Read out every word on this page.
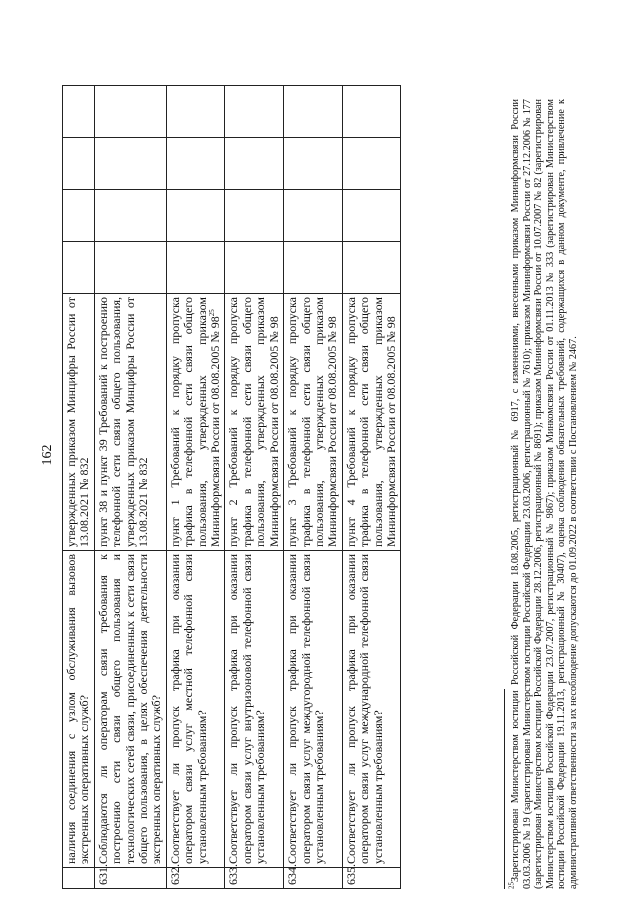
162
	наличия соединения с узлом обслуживания вызовов экстренных оперативных служб?	утвержденных приказом Минцифры России от 13.08.2021 № 832				
631.	Соблюдаются ли операторам связи требования к построению сети связи общего пользования и технологических сетей связи, присоединенных к сети связи общего пользования, в целях обеспечения деятельности экстренных оперативных служб?	пункт 38 и пункт 39 Требований к построению телефонной сети связи общего пользования, утвержденных приказом Минцифры России от 13.08.2021 № 832				
632.	Соответствует ли пропуск трафика при оказании оператором связи услуг местной телефонной связи установленным требованиям?	пункт 1 Требований к порядку пропуска трафика в телефонной сети связи общего пользования, утвержденных приказом Мининформсвязи России от 08.08.2005 № $98^{25}$				
633.	Соответствует ли пропуск трафика при оказании оператором связи услуг внутризоновой телефонной связи установленным требованиям?	пункт 2 Требований к порядку пропуска трафика в телефонной сети связи общего пользования, утвержденных приказом Мининформсвязи России от 08.08.2005 № 98				
634.	Соответствует ли пропуск трафика при оказании оператором связи услуг междугородной телефонной связи установленным требованиям?	пункт 3 Требований к порядку пропуска трафика в телефонной сети связи общего пользования, утвержденных приказом Мининформсвязи России от 08.08.2005 № 98				
635.	Соответствует ли пропуск трафика при оказании оператором связи услуг международной телефонной связи установленным требованиям?	пункт 4 Требований к порядку пропуска трафика в телефонной сети связи общего пользования, утвержденных приказом Мининформсвязи России от 08.08.2005 № 98				
$^{25}$Зарегистрирован Министерством юстиции Российской Федерации 18.08.2005, регистрационный № 6917, с изменениями, внесенными приказом Мининформсвязи России 03.03.2006 № 19 (зарегистрирован Министерством юстиции Российской Федерации 23.03.2006, регистрационный № 7610); приказом Мининформсвязи России от 27.12.2006 № 177 (зарегистрирован Министерством юстиции Российской Федерации 28.12.2006, регистрационный № 8691); приказом Мининформсвязи России от 10.07.2007 № 82 (зарегистрирован Министерством юстиции Российской Федерации 23.07.2007, регистрационный № 9867); приказом Минкомсвязи России от 01.11.2013 № 333 (зарегистрирован Министерством юстиции Российской Федерации 19.11.2013, регистрационный № 30407), оценка соблюдения обязательных требований, содержащихся в данном документе, привлечение к административной ответственности за их несоблюдение допускаются до 01.09.2022 в соответствии с Постановлением № 2467.
